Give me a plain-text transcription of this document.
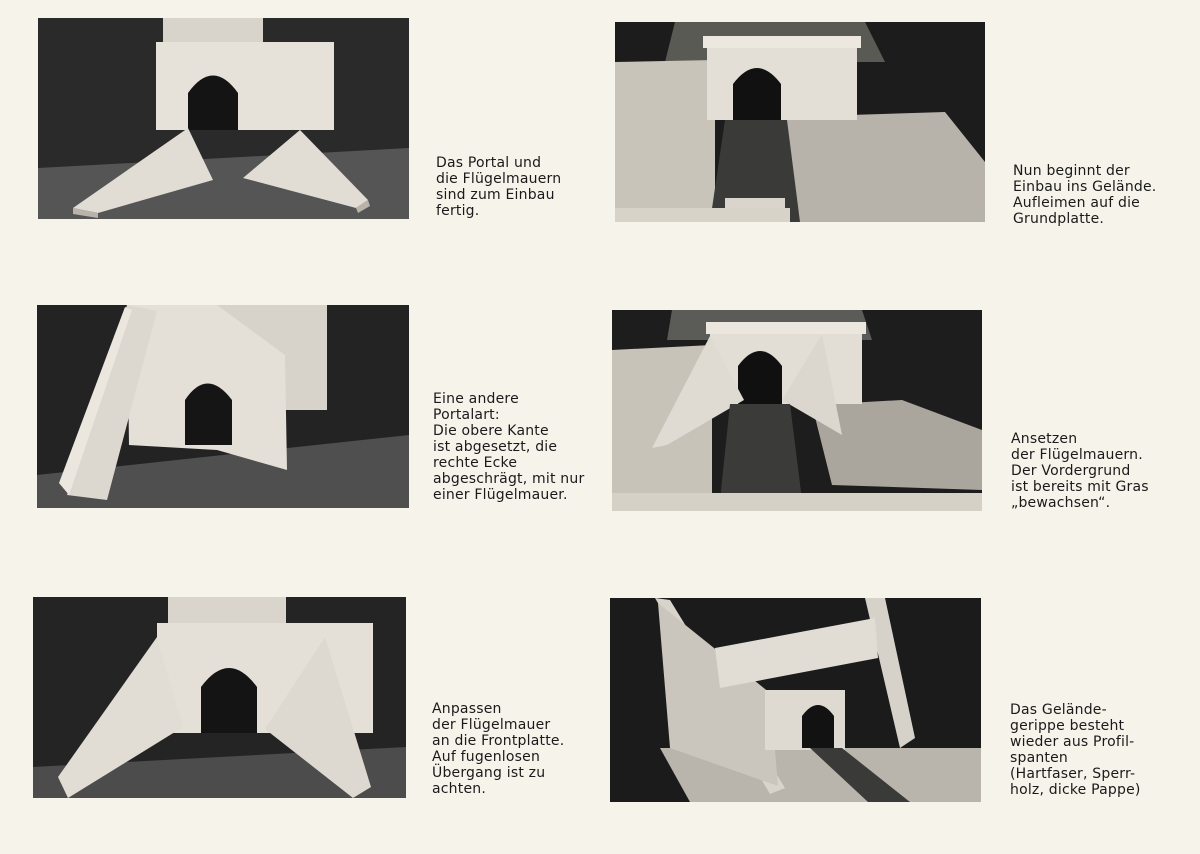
Das Portal und
die Flügelmauern
sind zum Einbau
fertig.
Nun beginnt der
Einbau ins Gelände.
Aufleimen auf die
Grundplatte.
Eine andere
Portalart:
Die obere Kante
ist abgesetzt, die
rechte Ecke
abgeschrägt, mit nur
einer Flügelmauer.
Ansetzen
der Flügelmauern.
Der Vordergrund
ist bereits mit Gras
„bewachsen“.
Anpassen
der Flügelmauer
an die Frontplatte.
Auf fugenlosen
Übergang ist zu
achten.
Das Gelände-
gerippe besteht
wieder aus Profil-
spanten
(Hartfaser, Sperr-
holz, dicke Pappe)
